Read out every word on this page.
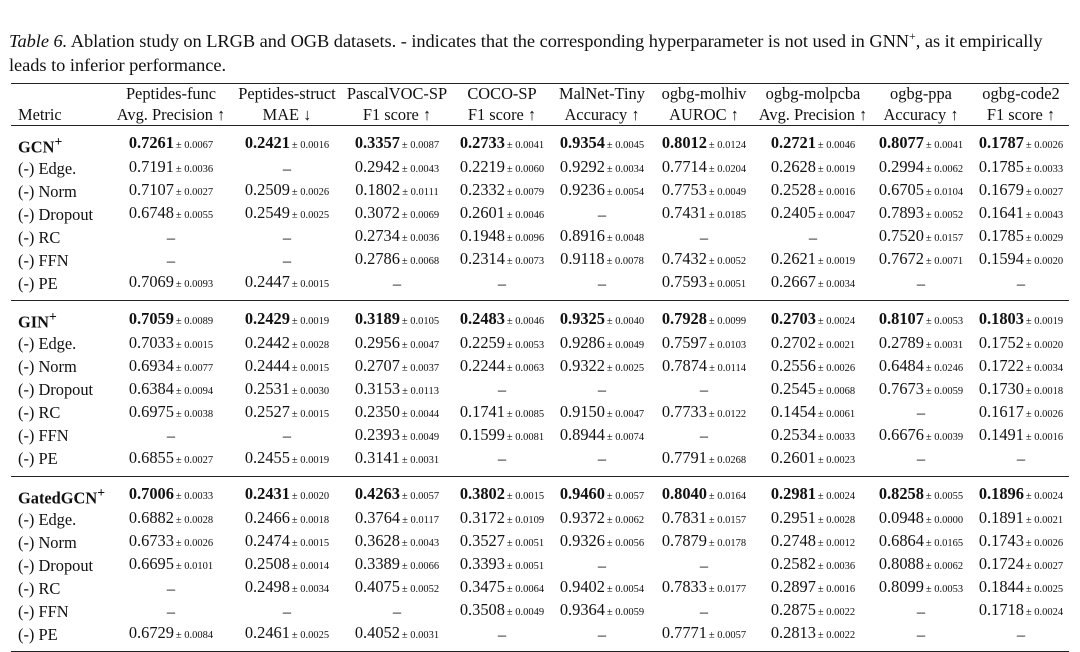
Table 6. Ablation study on LRGB and OGB datasets. - indicates that the corresponding hyperparameter is not used in GNN+, as it empirically leads to inferior performance.
	Peptides-func	Peptides-struct	PascalVOC-SP	COCO-SP	MalNet-Tiny	ogbg-molhiv	ogbg-molpcba	ogbg-ppa	ogbg-code2
Metric	Avg. Precision ↑	MAE ↓	F1 score ↑	F1 score ↑	Accuracy ↑	AUROC ↑	Avg. Precision ↑	Accuracy ↑	F1 score ↑
GCN+	0.7261 ± 0.0067	0.2421 ± 0.0016	0.3357 ± 0.0087	0.2733 ± 0.0041	0.9354 ± 0.0045	0.8012 ± 0.0124	0.2721 ± 0.0046	0.8077 ± 0.0041	0.1787 ± 0.0026
(-) Edge.	0.7191 ± 0.0036	–	0.2942 ± 0.0043	0.2219 ± 0.0060	0.9292 ± 0.0034	0.7714 ± 0.0204	0.2628 ± 0.0019	0.2994 ± 0.0062	0.1785 ± 0.0033
(-) Norm	0.7107 ± 0.0027	0.2509 ± 0.0026	0.1802 ± 0.0111	0.2332 ± 0.0079	0.9236 ± 0.0054	0.7753 ± 0.0049	0.2528 ± 0.0016	0.6705 ± 0.0104	0.1679 ± 0.0027
(-) Dropout	0.6748 ± 0.0055	0.2549 ± 0.0025	0.3072 ± 0.0069	0.2601 ± 0.0046	–	0.7431 ± 0.0185	0.2405 ± 0.0047	0.7893 ± 0.0052	0.1641 ± 0.0043
(-) RC	–	–	0.2734 ± 0.0036	0.1948 ± 0.0096	0.8916 ± 0.0048	–	–	0.7520 ± 0.0157	0.1785 ± 0.0029
(-) FFN	–	–	0.2786 ± 0.0068	0.2314 ± 0.0073	0.9118 ± 0.0078	0.7432 ± 0.0052	0.2621 ± 0.0019	0.7672 ± 0.0071	0.1594 ± 0.0020
(-) PE	0.7069 ± 0.0093	0.2447 ± 0.0015	–	–	–	0.7593 ± 0.0051	0.2667 ± 0.0034	–	–
GIN+	0.7059 ± 0.0089	0.2429 ± 0.0019	0.3189 ± 0.0105	0.2483 ± 0.0046	0.9325 ± 0.0040	0.7928 ± 0.0099	0.2703 ± 0.0024	0.8107 ± 0.0053	0.1803 ± 0.0019
(-) Edge.	0.7033 ± 0.0015	0.2442 ± 0.0028	0.2956 ± 0.0047	0.2259 ± 0.0053	0.9286 ± 0.0049	0.7597 ± 0.0103	0.2702 ± 0.0021	0.2789 ± 0.0031	0.1752 ± 0.0020
(-) Norm	0.6934 ± 0.0077	0.2444 ± 0.0015	0.2707 ± 0.0037	0.2244 ± 0.0063	0.9322 ± 0.0025	0.7874 ± 0.0114	0.2556 ± 0.0026	0.6484 ± 0.0246	0.1722 ± 0.0034
(-) Dropout	0.6384 ± 0.0094	0.2531 ± 0.0030	0.3153 ± 0.0113	–	–	–	0.2545 ± 0.0068	0.7673 ± 0.0059	0.1730 ± 0.0018
(-) RC	0.6975 ± 0.0038	0.2527 ± 0.0015	0.2350 ± 0.0044	0.1741 ± 0.0085	0.9150 ± 0.0047	0.7733 ± 0.0122	0.1454 ± 0.0061	–	0.1617 ± 0.0026
(-) FFN	–	–	0.2393 ± 0.0049	0.1599 ± 0.0081	0.8944 ± 0.0074	–	0.2534 ± 0.0033	0.6676 ± 0.0039	0.1491 ± 0.0016
(-) PE	0.6855 ± 0.0027	0.2455 ± 0.0019	0.3141 ± 0.0031	–	–	0.7791 ± 0.0268	0.2601 ± 0.0023	–	–
GatedGCN+	0.7006 ± 0.0033	0.2431 ± 0.0020	0.4263 ± 0.0057	0.3802 ± 0.0015	0.9460 ± 0.0057	0.8040 ± 0.0164	0.2981 ± 0.0024	0.8258 ± 0.0055	0.1896 ± 0.0024
(-) Edge.	0.6882 ± 0.0028	0.2466 ± 0.0018	0.3764 ± 0.0117	0.3172 ± 0.0109	0.9372 ± 0.0062	0.7831 ± 0.0157	0.2951 ± 0.0028	0.0948 ± 0.0000	0.1891 ± 0.0021
(-) Norm	0.6733 ± 0.0026	0.2474 ± 0.0015	0.3628 ± 0.0043	0.3527 ± 0.0051	0.9326 ± 0.0056	0.7879 ± 0.0178	0.2748 ± 0.0012	0.6864 ± 0.0165	0.1743 ± 0.0026
(-) Dropout	0.6695 ± 0.0101	0.2508 ± 0.0014	0.3389 ± 0.0066	0.3393 ± 0.0051	–	–	0.2582 ± 0.0036	0.8088 ± 0.0062	0.1724 ± 0.0027
(-) RC	–	0.2498 ± 0.0034	0.4075 ± 0.0052	0.3475 ± 0.0064	0.9402 ± 0.0054	0.7833 ± 0.0177	0.2897 ± 0.0016	0.8099 ± 0.0053	0.1844 ± 0.0025
(-) FFN	–	–	–	0.3508 ± 0.0049	0.9364 ± 0.0059	–	0.2875 ± 0.0022	–	0.1718 ± 0.0024
(-) PE	0.6729 ± 0.0084	0.2461 ± 0.0025	0.4052 ± 0.0031	–	–	0.7771 ± 0.0057	0.2813 ± 0.0022	–	–
